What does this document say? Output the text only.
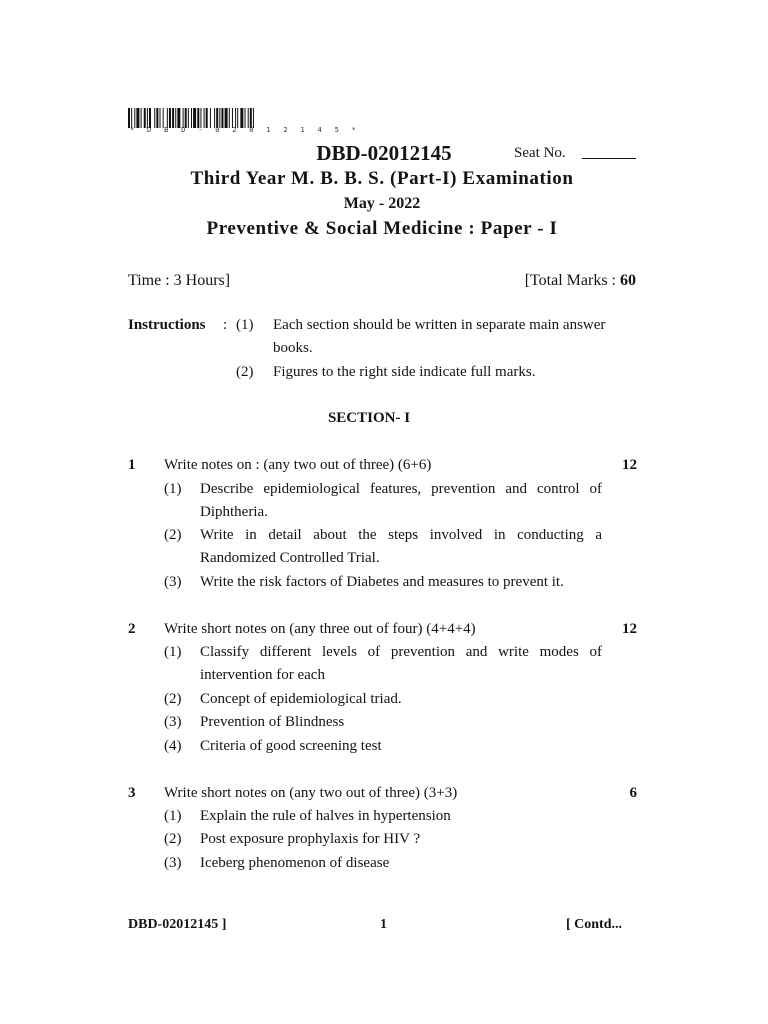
* D B D - 0 2 0 1 2 1 4 5 *
DBD-02012145	Seat No.
Third Year M. B. B. S. (Part-I) Examination
May - 2022
Preventive & Social Medicine : Paper - I
Time : 3 Hours]	[Total Marks : 60
Instructions : (1) Each section should be written in separate main answer books.
(2) Figures to the right side indicate full marks.
SECTION- I
1 Write notes on : (any two out of three) (6+6)	12
(1) Describe epidemiological features, prevention and control of Diphtheria.
(2) Write in detail about the steps involved in conducting a Randomized Controlled Trial.
(3) Write the risk factors of Diabetes and measures to prevent it.
2 Write short notes on (any three out of four) (4+4+4)	12
(1) Classify different levels of prevention and write modes of intervention for each
(2) Concept of epidemiological triad.
(3) Prevention of Blindness
(4) Criteria of good screening test
3 Write short notes on (any two out of three) (3+3)	6
(1) Explain the rule of halves in hypertension
(2) Post exposure prophylaxis for HIV ?
(3) Iceberg phenomenon of disease
DBD-02012145 ]	1	[ Contd...
